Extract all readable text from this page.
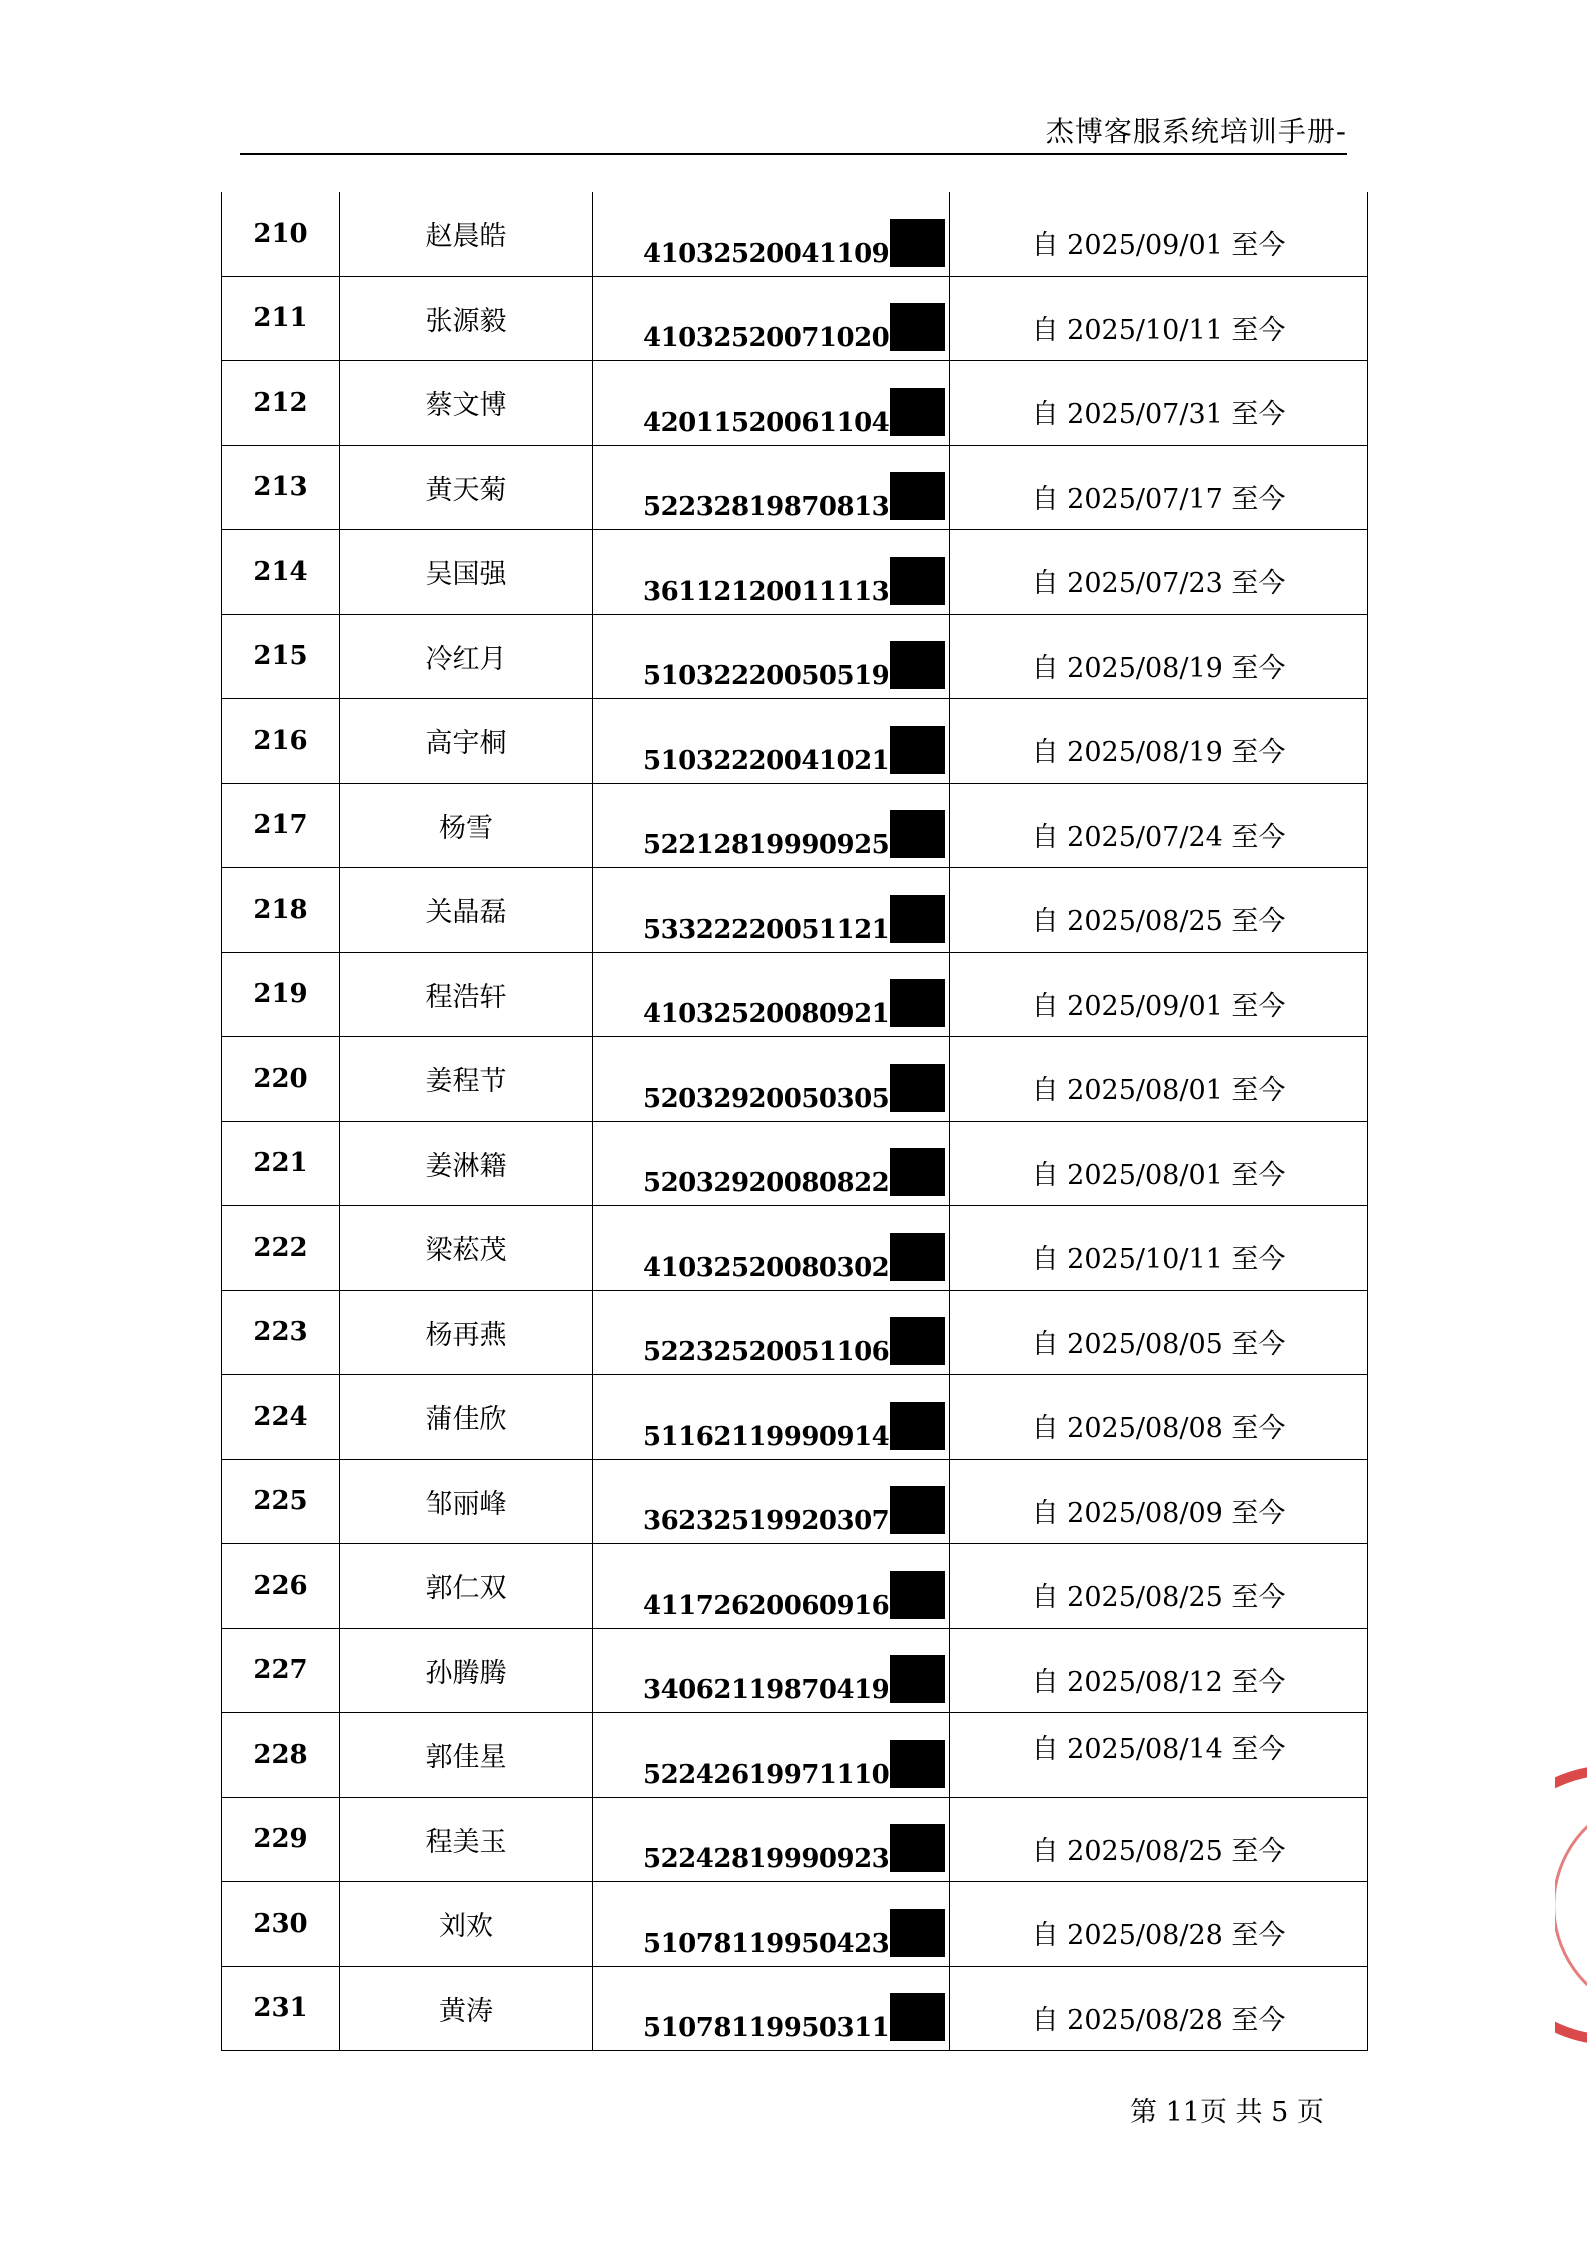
杰博客服系统培训手册-
210	赵晨皓	41032520041109	自 2025/09/01 至今
211	张源毅	41032520071020	自 2025/10/11 至今
212	蔡文博	42011520061104	自 2025/07/31 至今
213	黄天菊	52232819870813	自 2025/07/17 至今
214	吴国强	36112120011113	自 2025/07/23 至今
215	冷红月	51032220050519	自 2025/08/19 至今
216	高宇桐	51032220041021	自 2025/08/19 至今
217	杨雪	52212819990925	自 2025/07/24 至今
218	关晶磊	53322220051121	自 2025/08/25 至今
219	程浩轩	41032520080921	自 2025/09/01 至今
220	姜程节	52032920050305	自 2025/08/01 至今
221	姜淋籍	52032920080822	自 2025/08/01 至今
222	梁菘茂	41032520080302	自 2025/10/11 至今
223	杨再燕	52232520051106	自 2025/08/05 至今
224	蒲佳欣	51162119990914	自 2025/08/08 至今
225	邹丽峰	36232519920307	自 2025/08/09 至今
226	郭仁双	41172620060916	自 2025/08/25 至今
227	孙腾腾	34062119870419	自 2025/08/12 至今
228	郭佳星	52242619971110	自 2025/08/14 至今
229	程美玉	52242819990923	自 2025/08/25 至今
230	刘欢	51078119950423	自 2025/08/28 至今
231	黄涛	51078119950311	自 2025/08/28 至今
第 11页 共 5 页
